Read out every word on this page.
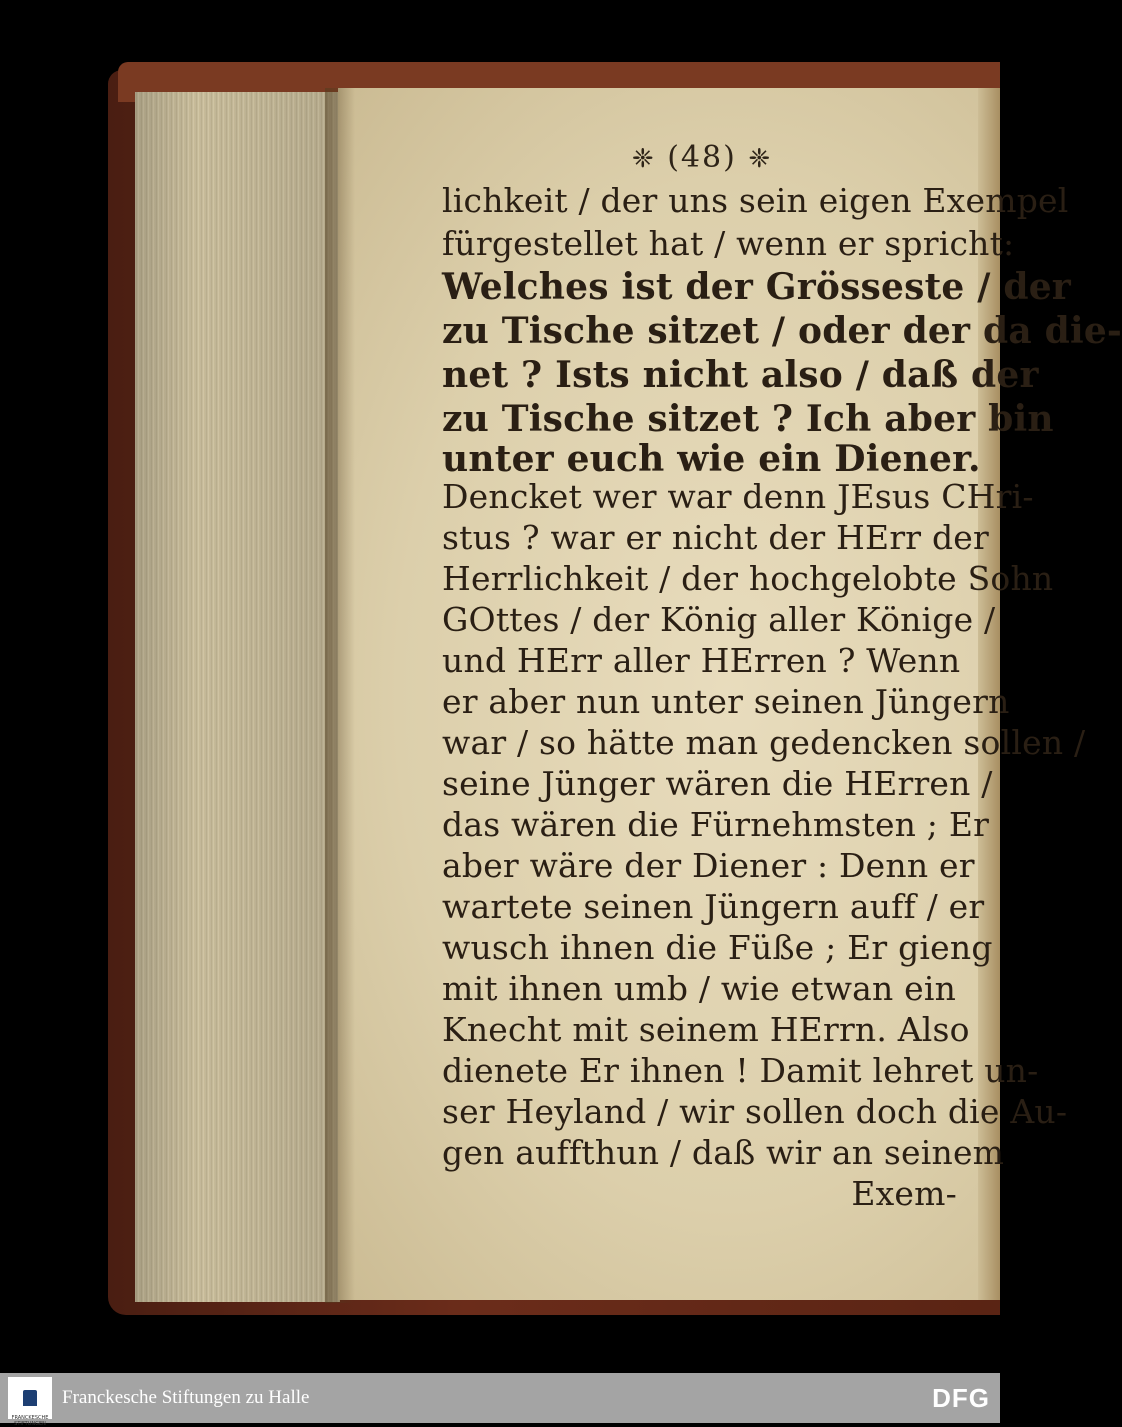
❈ (48) ❈
lichkeit / der uns sein eigen Exempel
fürgestellet hat / wenn er spricht:
Welches ist der Grösseste / der
zu Tische sitzet / oder der da die-
net ? Ists nicht also / daß der
zu Tische sitzet ? Ich aber bin
unter euch wie ein Diener.
Dencket wer war denn JEsus CHri-
stus ? war er nicht der HErr der
Herrlichkeit / der hochgelobte Sohn
GOttes / der König aller Könige /
und HErr aller HErren ? Wenn
er aber nun unter seinen Jüngern
war / so hätte man gedencken sollen /
seine Jünger wären die HErren /
das wären die Fürnehmsten ; Er
aber wäre der Diener : Denn er
wartete seinen Jüngern auff / er
wusch ihnen die Füße ; Er gieng
mit ihnen umb / wie etwan ein
Knecht mit seinem HErrn. Also
dienete Er ihnen ! Damit lehret un-
ser Heyland / wir sollen doch die Au-
gen auffthun / daß wir an seinem
Exem-
FRANCKESCHE STIFTUNGEN
Franckesche Stiftungen zu Halle	DFG
